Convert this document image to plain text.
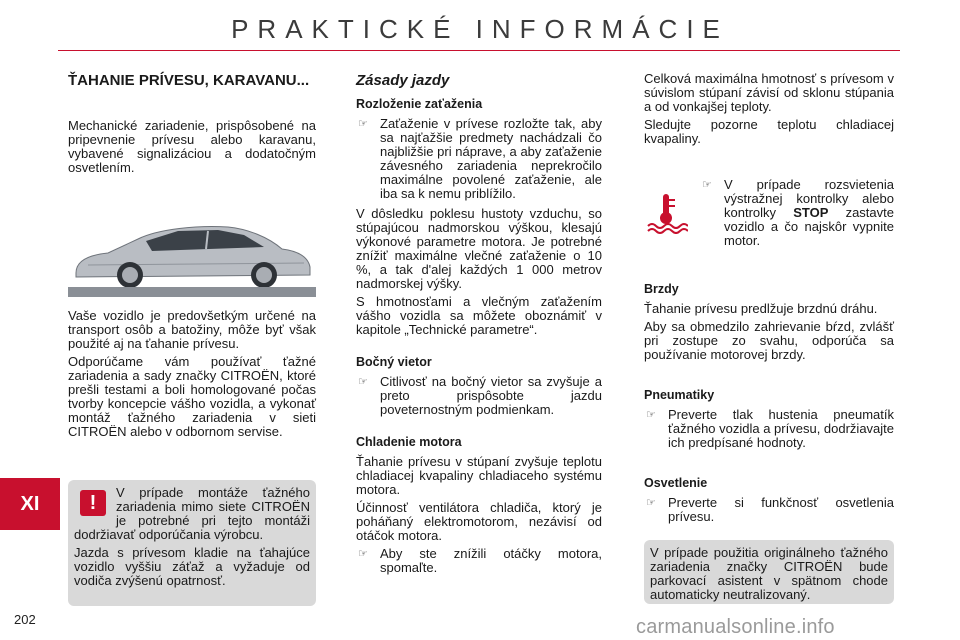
PRAKTICKÉ INFORMÁCIE
XI
202
ŤAHANIE PRÍVESU, KARAVANU...

Mechanické zariadenie, prispôsobené na pripevnenie prívesu alebo karavanu, vybavené signalizáciou a dodatočným osvetlením.

Vaše vozidlo je predovšetkým určené na transport osôb a batožiny, môže byť však použité aj na ťahanie prívesu.

Odporúčame vám používať ťažné zariadenia a sady značky CITROËN, ktoré prešli testami a boli homologované počas tvorby koncepcie vášho vozidla, a vykonať montáž ťažného zariadenia v sieti CITROËN alebo v odbornom servise.

!	V prípade montáže ťažného zariadenia mimo siete CITROËN je potrebné pri tejto montáži dodržiavať odporúčania výrobcu.

Jazda s prívesom kladie na ťahajúce vozidlo vyššiu záťaž a vyžaduje od vodiča zvýšenú opatrnosť.

Zásady jazdy
Rozloženie zaťaženia
☞ Zaťaženie v prívese rozložte tak, aby sa najťažšie predmety nachádzali čo najbližšie pri náprave, a aby zaťaženie závesného zariadenia neprekročilo maximálne povolené zaťaženie, ale iba sa k nemu priblížilo.

V dôsledku poklesu hustoty vzduchu, so stúpajúcou nadmorskou výškou, klesajú výkonové parametre motora. Je potrebné znížiť maximálne vlečné zaťaženie o 10 %, a tak d'alej každých 1 000 metrov nadmorskej výšky.

S hmotnosťami a vlečným zaťažením vášho vozidla sa môžete oboznámiť v kapitole „Technické parametre“.

Bočný vietor
☞ Citlivosť na bočný vietor sa zvyšuje a preto prispôsobte jazdu poveternostným podmienkam.
Chladenie motora

Ťahanie prívesu v stúpaní zvyšuje teplotu chladiacej kvapaliny chladiaceho systému motora.

Účinnosť ventilátora chladiča, ktorý je poháňaný elektromotorom, nezávisí od otáčok motora.

☞ Aby ste znížili otáčky motora, spomaľte.

Celková maximálna hmotnosť s prívesom v súvislom stúpaní závisí od sklonu stúpania a od vonkajšej teploty.

Sledujte pozorne teplotu chladiacej kvapaliny.

☞ V prípade rozsvietenia výstražnej kontrolky alebo kontrolky STOP zastavte vozidlo a čo najskôr vypnite motor.
Brzdy

Ťahanie prívesu predlžuje brzdnú dráhu.

Aby sa obmedzilo zahrievanie bŕzd, zvlášť pri zostupe zo svahu, odporúča sa používanie motorovej brzdy.

Pneumatiky
☞ Preverte tlak hustenia pneumatík ťažného vozidla a prívesu, dodržiavajte ich predpísané hodnoty.
Osvetlenie
☞ Preverte si funkčnosť osvetlenia prívesu.

V prípade použitia originálneho ťažného zariadenia značky CITROËN bude parkovací asistent v spätnom chode automaticky neutralizovaný.

carmanualsonline.info
